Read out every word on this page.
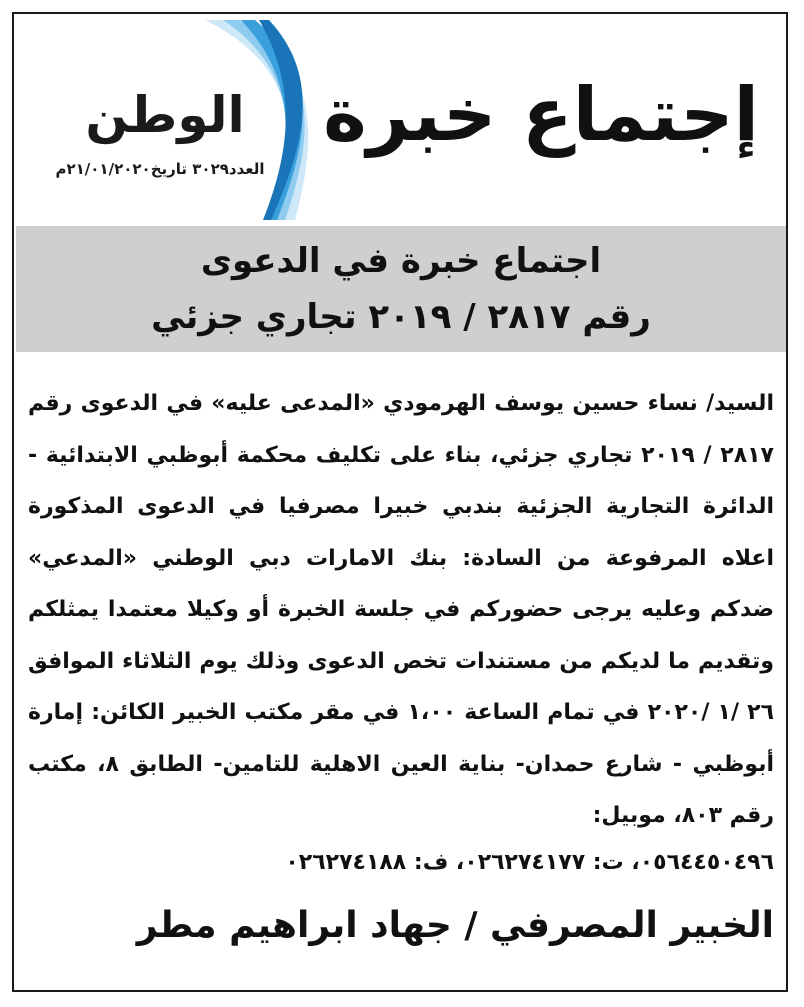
الوطن
العدد٣٠٢٩ تاريخ٢١/٠١/٢٠٢٠م
إجتماع خبرة
اجتماع خبرة في الدعوى
رقم ٢٨١٧ / ٢٠١٩ تجاري جزئي
السيد/ نساء حسين يوسف الهرمودي «المدعى عليه» في الدعوى رقم ٢٨١٧ / ٢٠١٩ تجاري جزئي، بناء على تكليف محكمة أبوظبي الابتدائية - الدائرة التجارية الجزئية بندبي خبيرا مصرفيا في الدعوى المذكورة اعلاه المرفوعة من السادة: بنك الامارات دبي الوطني «المدعي» ضدكم وعليه يرجى حضوركم في جلسة الخبرة أو وكيلا معتمدا يمثلكم وتقديم ما لديكم من مستندات تخص الدعوى وذلك يوم الثلاثاء الموافق ٢٦ /١ /٢٠٢٠ في تمام الساعة ١،٠٠ في مقر مكتب الخبير الكائن: إمارة أبوظبي - شارع حمدان- بناية العين الاهلية للتامين- الطابق ٨، مكتب رقم ٨٠٣، موبيل:
٠٥٦٤٤٥٠٤٩٦، ت: ٠٢٦٢٧٤١٧٧، ف: ٠٢٦٢٧٤١٨٨
الخبير المصرفي / جهاد ابراهيم مطر
